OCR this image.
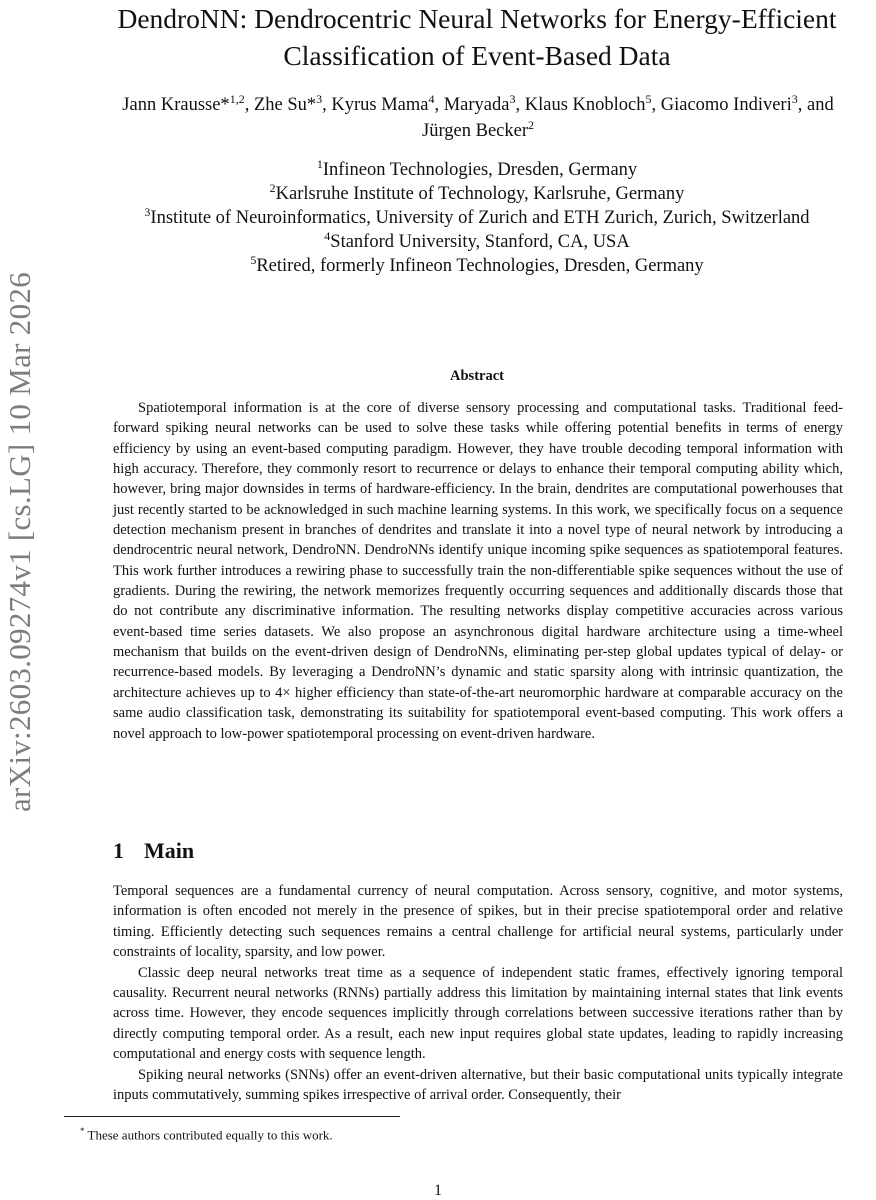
arXiv:2603.09274v1 [cs.LG] 10 Mar 2026
DendroNN: Dendrocentric Neural Networks for Energy-Efficient
Classification of Event-Based Data
Jann Krausse*$^{1,2}$, Zhe Su*$^3$, Kyrus Mama$^4$, Maryada$^3$, Klaus Knobloch$^5$, Giacomo Indiveri$^3$, and
Jürgen Becker$^2$
$^1$Infineon Technologies, Dresden, Germany
$^2$Karlsruhe Institute of Technology, Karlsruhe, Germany
$^3$Institute of Neuroinformatics, University of Zurich and ETH Zurich, Zurich, Switzerland
$^4$Stanford University, Stanford, CA, USA
$^5$Retired, formerly Infineon Technologies, Dresden, Germany
Abstract

Spatiotemporal information is at the core of diverse sensory processing and computational tasks. Traditional feed-forward spiking neural networks can be used to solve these tasks while offering potential benefits in terms of energy efficiency by using an event-based computing paradigm. However, they have trouble decoding temporal information with high accuracy. Therefore, they commonly resort to recurrence or delays to enhance their temporal computing ability which, however, bring major downsides in terms of hardware-efficiency. In the brain, dendrites are computational powerhouses that just recently started to be acknowledged in such machine learning systems. In this work, we specifically focus on a sequence detection mechanism present in branches of dendrites and translate it into a novel type of neural network by introducing a dendrocentric neural network, DendroNN. DendroNNs identify unique incoming spike sequences as spatiotemporal features. This work further introduces a rewiring phase to successfully train the non-differentiable spike sequences without the use of gradients. During the rewiring, the network memorizes frequently occurring sequences and additionally discards those that do not contribute any discriminative information. The resulting networks display competitive accuracies across various event-based time series datasets. We also propose an asynchronous digital hardware architecture using a time-wheel mechanism that builds on the event-driven design of DendroNNs, eliminating per-step global updates typical of delay- or recurrence-based models. By leveraging a DendroNN’s dynamic and static sparsity along with intrinsic quantization, the architecture achieves up to 4× higher efficiency than state-of-the-art neuromorphic hardware at comparable accuracy on the same audio classification task, demonstrating its suitability for spatiotemporal event-based computing. This work offers a novel approach to low-power spatiotemporal processing on event-driven hardware.

1 Main

Temporal sequences are a fundamental currency of neural computation. Across sensory, cognitive, and motor systems, information is often encoded not merely in the presence of spikes, but in their precise spatiotemporal order and relative timing. Efficiently detecting such sequences remains a central challenge for artificial neural systems, particularly under constraints of locality, sparsity, and low power.

Classic deep neural networks treat time as a sequence of independent static frames, effectively ignoring temporal causality. Recurrent neural networks (RNNs) partially address this limitation by maintaining internal states that link events across time. However, they encode sequences implicitly through correlations between successive iterations rather than by directly computing temporal order. As a result, each new input requires global state updates, leading to rapidly increasing computational and energy costs with sequence length.

Spiking neural networks (SNNs) offer an event-driven alternative, but their basic computational units typically integrate inputs commutatively, summing spikes irrespective of arrival order. Consequently, their

* These authors contributed equally to this work.
1
